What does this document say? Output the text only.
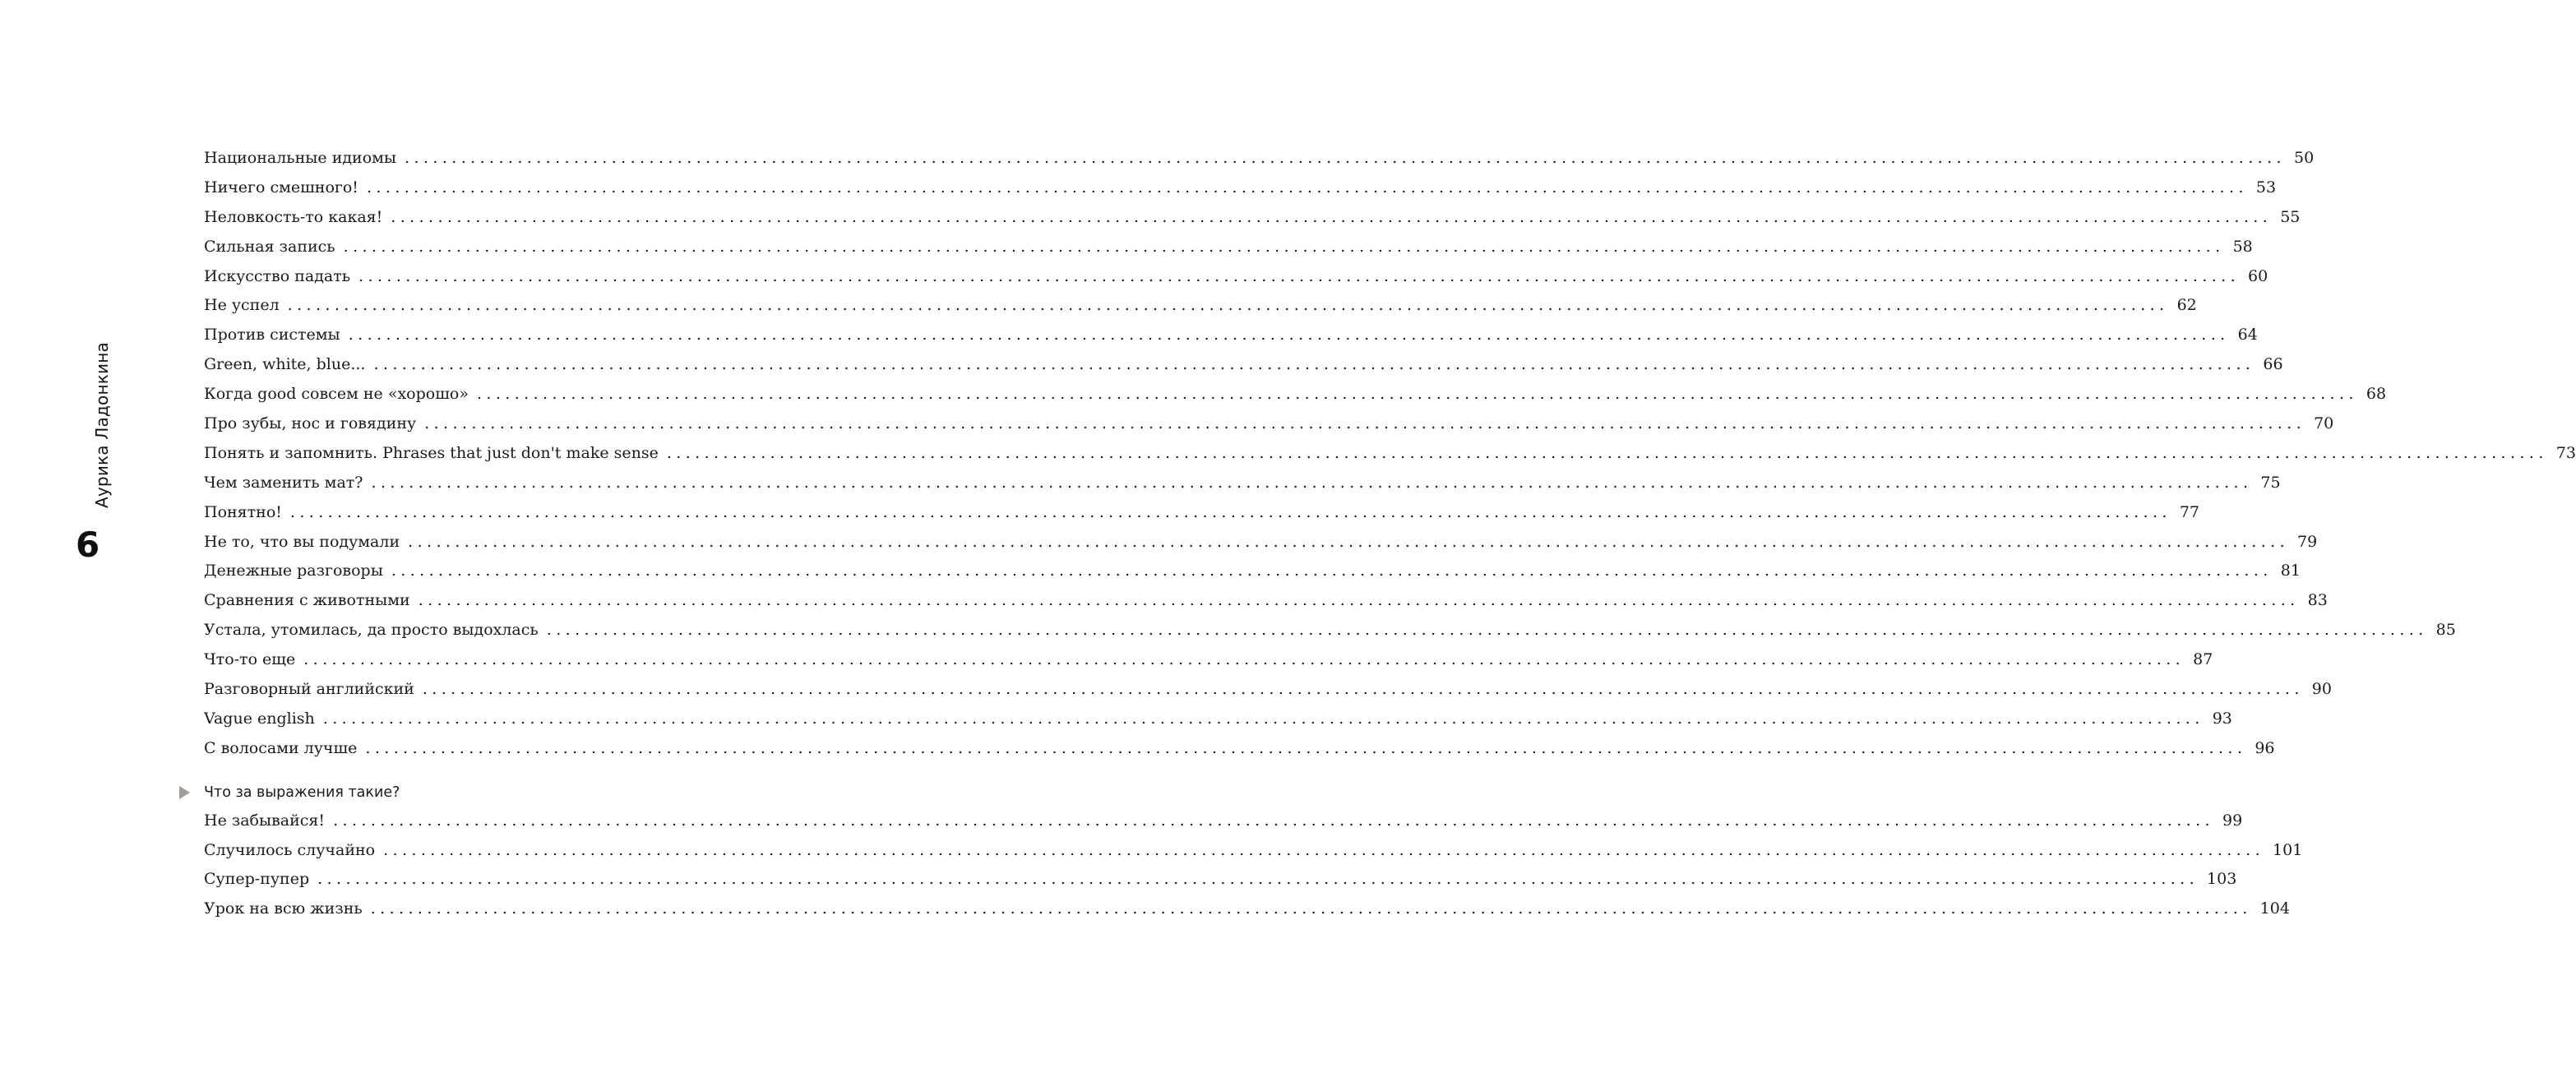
Аурика Ладонкина
6
Национальные идиомы ........................................................................................................................................................................................................ 50
Ничего смешного! ........................................................................................................................................................................................................ 53
Неловкость-то какая! ........................................................................................................................................................................................................ 55
Сильная запись ........................................................................................................................................................................................................ 58
Искусство падать ........................................................................................................................................................................................................ 60
Не успел ........................................................................................................................................................................................................ 62
Против системы ........................................................................................................................................................................................................ 64
Green, white, blue... ........................................................................................................................................................................................................ 66
Когда good совсем не «хорошо» ........................................................................................................................................................................................................ 68
Про зубы, нос и говядину ........................................................................................................................................................................................................ 70
Понять и запомнить. Phrases that just don't make sense ........................................................................................................................................................................................................ 73
Чем заменить мат? ........................................................................................................................................................................................................ 75
Понятно! ........................................................................................................................................................................................................ 77
Не то, что вы подумали ........................................................................................................................................................................................................ 79
Денежные разговоры ........................................................................................................................................................................................................ 81
Сравнения с животными ........................................................................................................................................................................................................ 83
Устала, утомилась, да просто выдохлась ........................................................................................................................................................................................................ 85
Что-то еще ........................................................................................................................................................................................................ 87
Разговорный английский ........................................................................................................................................................................................................ 90
Vague english ........................................................................................................................................................................................................ 93
С волосами лучше ........................................................................................................................................................................................................ 96
Что за выражения такие?
Не забывайся! ........................................................................................................................................................................................................ 99
Случилось случайно ........................................................................................................................................................................................................ 101
Супер-пупер ........................................................................................................................................................................................................ 103
Урок на всю жизнь ........................................................................................................................................................................................................ 104
